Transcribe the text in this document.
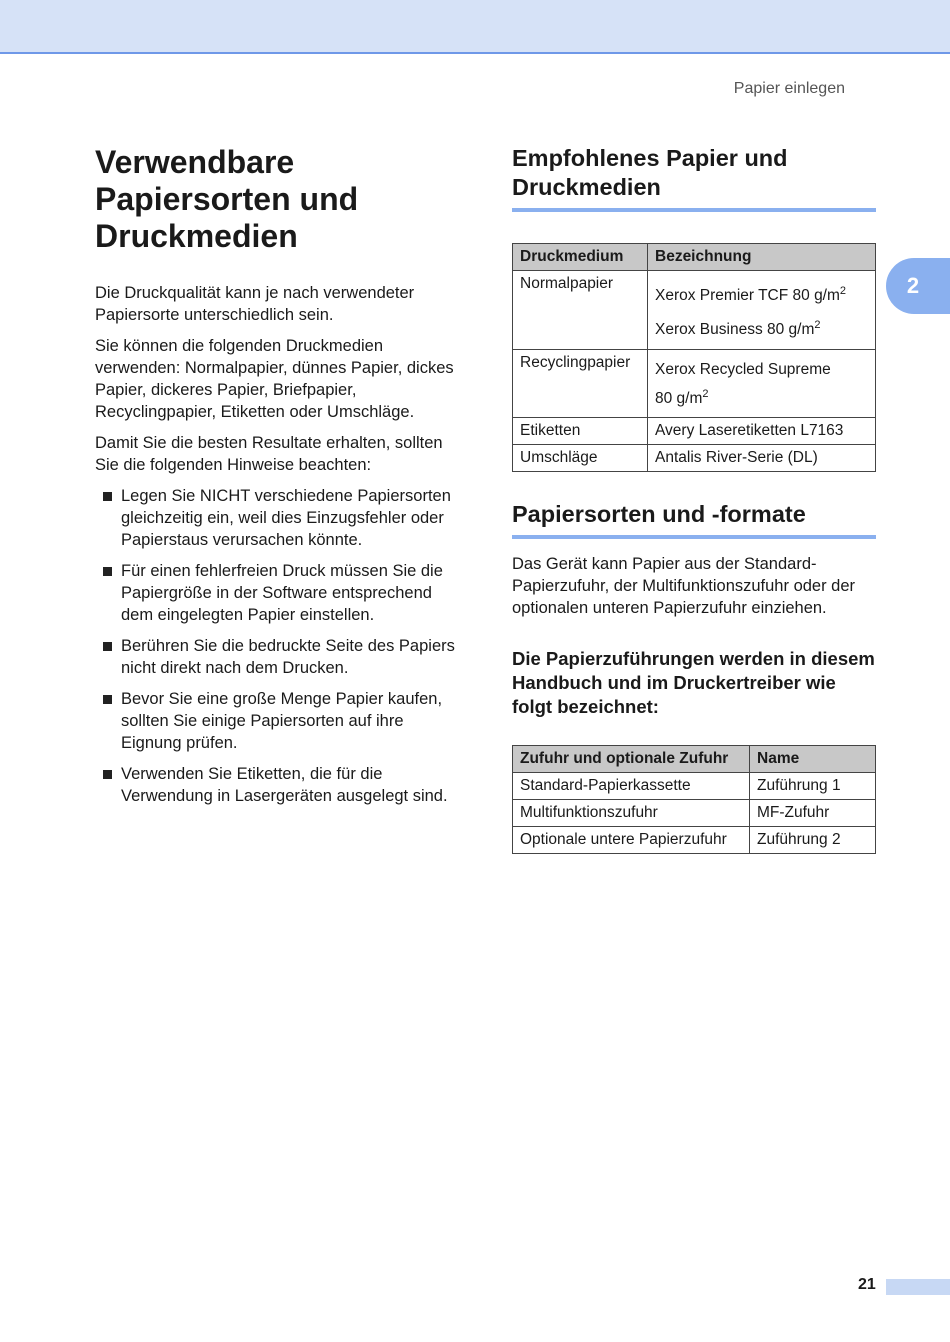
Papier einlegen
2
Verwendbare Papiersorten und Druckmedien

Die Druckqualität kann je nach verwendeter Papiersorte unterschiedlich sein.

Sie können die folgenden Druckmedien verwenden: Normalpapier, dünnes Papier, dickes Papier, dickeres Papier, Briefpapier, Recyclingpapier, Etiketten oder Umschläge.

Damit Sie die besten Resultate erhalten, sollten Sie die folgenden Hinweise beachten:

Legen Sie NICHT verschiedene Papiersorten gleichzeitig ein, weil dies Einzugsfehler oder Papierstaus verursachen könnte.
Für einen fehlerfreien Druck müssen Sie die Papiergröße in der Software entsprechend dem eingelegten Papier einstellen.
Berühren Sie die bedruckte Seite des Papiers nicht direkt nach dem Drucken.
Bevor Sie eine große Menge Papier kaufen, sollten Sie einige Papiersorten auf ihre Eignung prüfen.
Verwenden Sie Etiketten, die für die Verwendung in Lasergeräten ausgelegt sind.
Empfohlenes Papier und Druckmedien
Druckmedium	Bezeichnung
Normalpapier	Xerox Premier TCF 80 $g/m^2$
Xerox Business 80 $g/m^2$

Recyclingpapier	Xerox Recycled Supreme
80 $g/m^2$

Etiketten	Avery Laseretiketten L7163
Umschläge	Antalis River-Serie (DL)
Papiersorten und -formate

Das Gerät kann Papier aus der Standard-Papierzufuhr, der Multifunktionszufuhr oder der optionalen unteren Papierzufuhr einziehen.

Die Papierzuführungen werden in diesem Handbuch und im Druckertreiber wie folgt bezeichnet:
Zufuhr und optionale Zufuhr	Name
Standard-Papierkassette	Zuführung 1
Multifunktionszufuhr	MF-Zufuhr
Optionale untere Papierzufuhr	Zuführung 2
21
